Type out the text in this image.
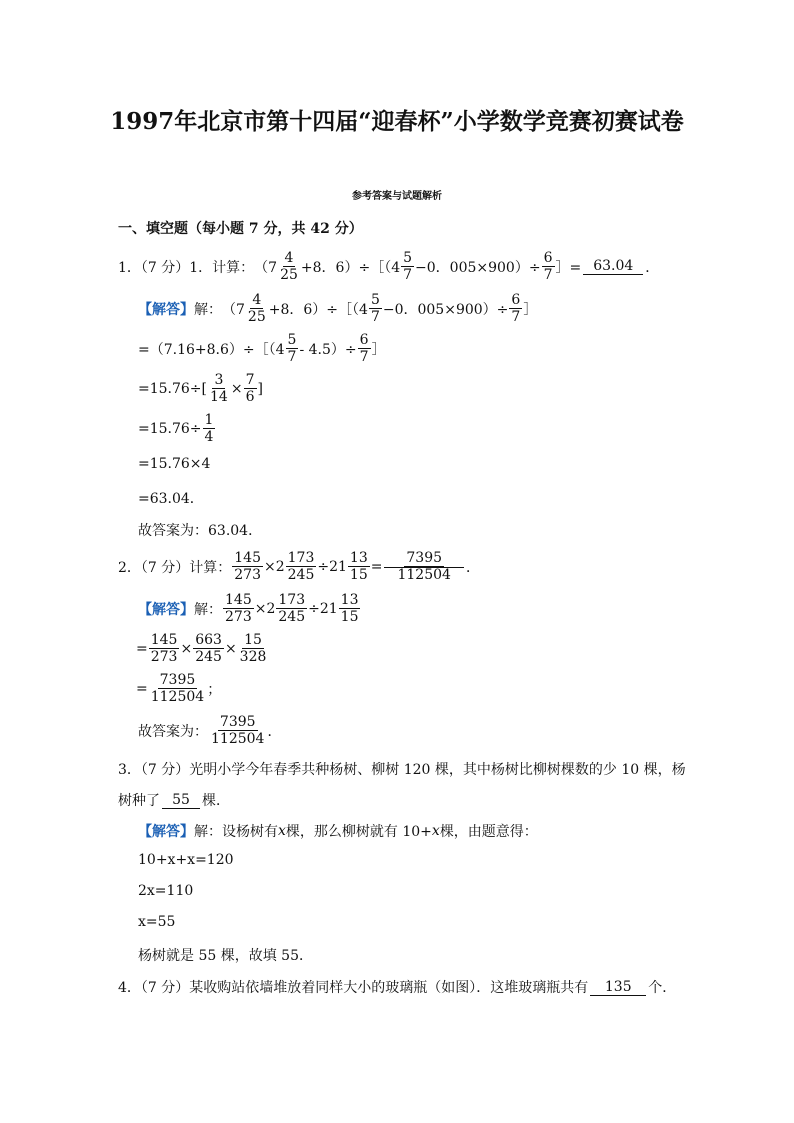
1997年北京市第十四届“迎春杯”小学数学竞赛初赛试卷
参考答案与试题解析
一、填空题（每小题 7 分，共 42 分）
1．（7 分）1．计算： （$7 \frac{4}{25} +8$．6）÷［（4 $\frac{5}{7} -0$．$005\times 900)\div \frac{6}{7}$ ］= 63.04 ．
【解答】 解： （$7 \frac{4}{25} +8$．6）÷［（4 $\frac{5}{7} -0$．$005\times 900)\div \frac{6}{7}$ ］
=（7.16+8.6）÷［（4 $\frac{5}{7} - 4.5)\div \frac{6}{7}$ ］
$=15.76\div[ \frac{3}{14} \times \frac{7}{6}$ ]
$=15.76\div \frac{1}{4}$
=15.76×4
=63.04．
故答案为：63.04．
2．（7 分）计算： $\frac{145}{273} \times 2 \frac{173}{245} \div 21 \frac{13}{15} = \frac{7395}{112504}$ ．
【解答】 解： $\frac{145}{273} \times 2 \frac{173}{245} \div 21 \frac{13}{15}$
= $\frac{145}{273} \times \frac{663}{245} \times \frac{15}{328}$
= $\frac{7395}{112504}$ ；
故答案为： $\frac{7395}{112504}$ ．
3．（7 分）光明小学今年春季共种杨树、柳树 120 棵，其中杨树比柳树棵数的少 10 棵，杨
树种了 55 棵．
【解答】 解：设杨树有 x 棵，那么柳树就有 10+ x 棵，由题意得：
10+x+x=120
2x=110
x=55
杨树就是 55 棵，故填 55．
4．（7 分）某收购站依墙堆放着同样大小的玻璃瓶（如图）．这堆玻璃瓶共有	135	个．
